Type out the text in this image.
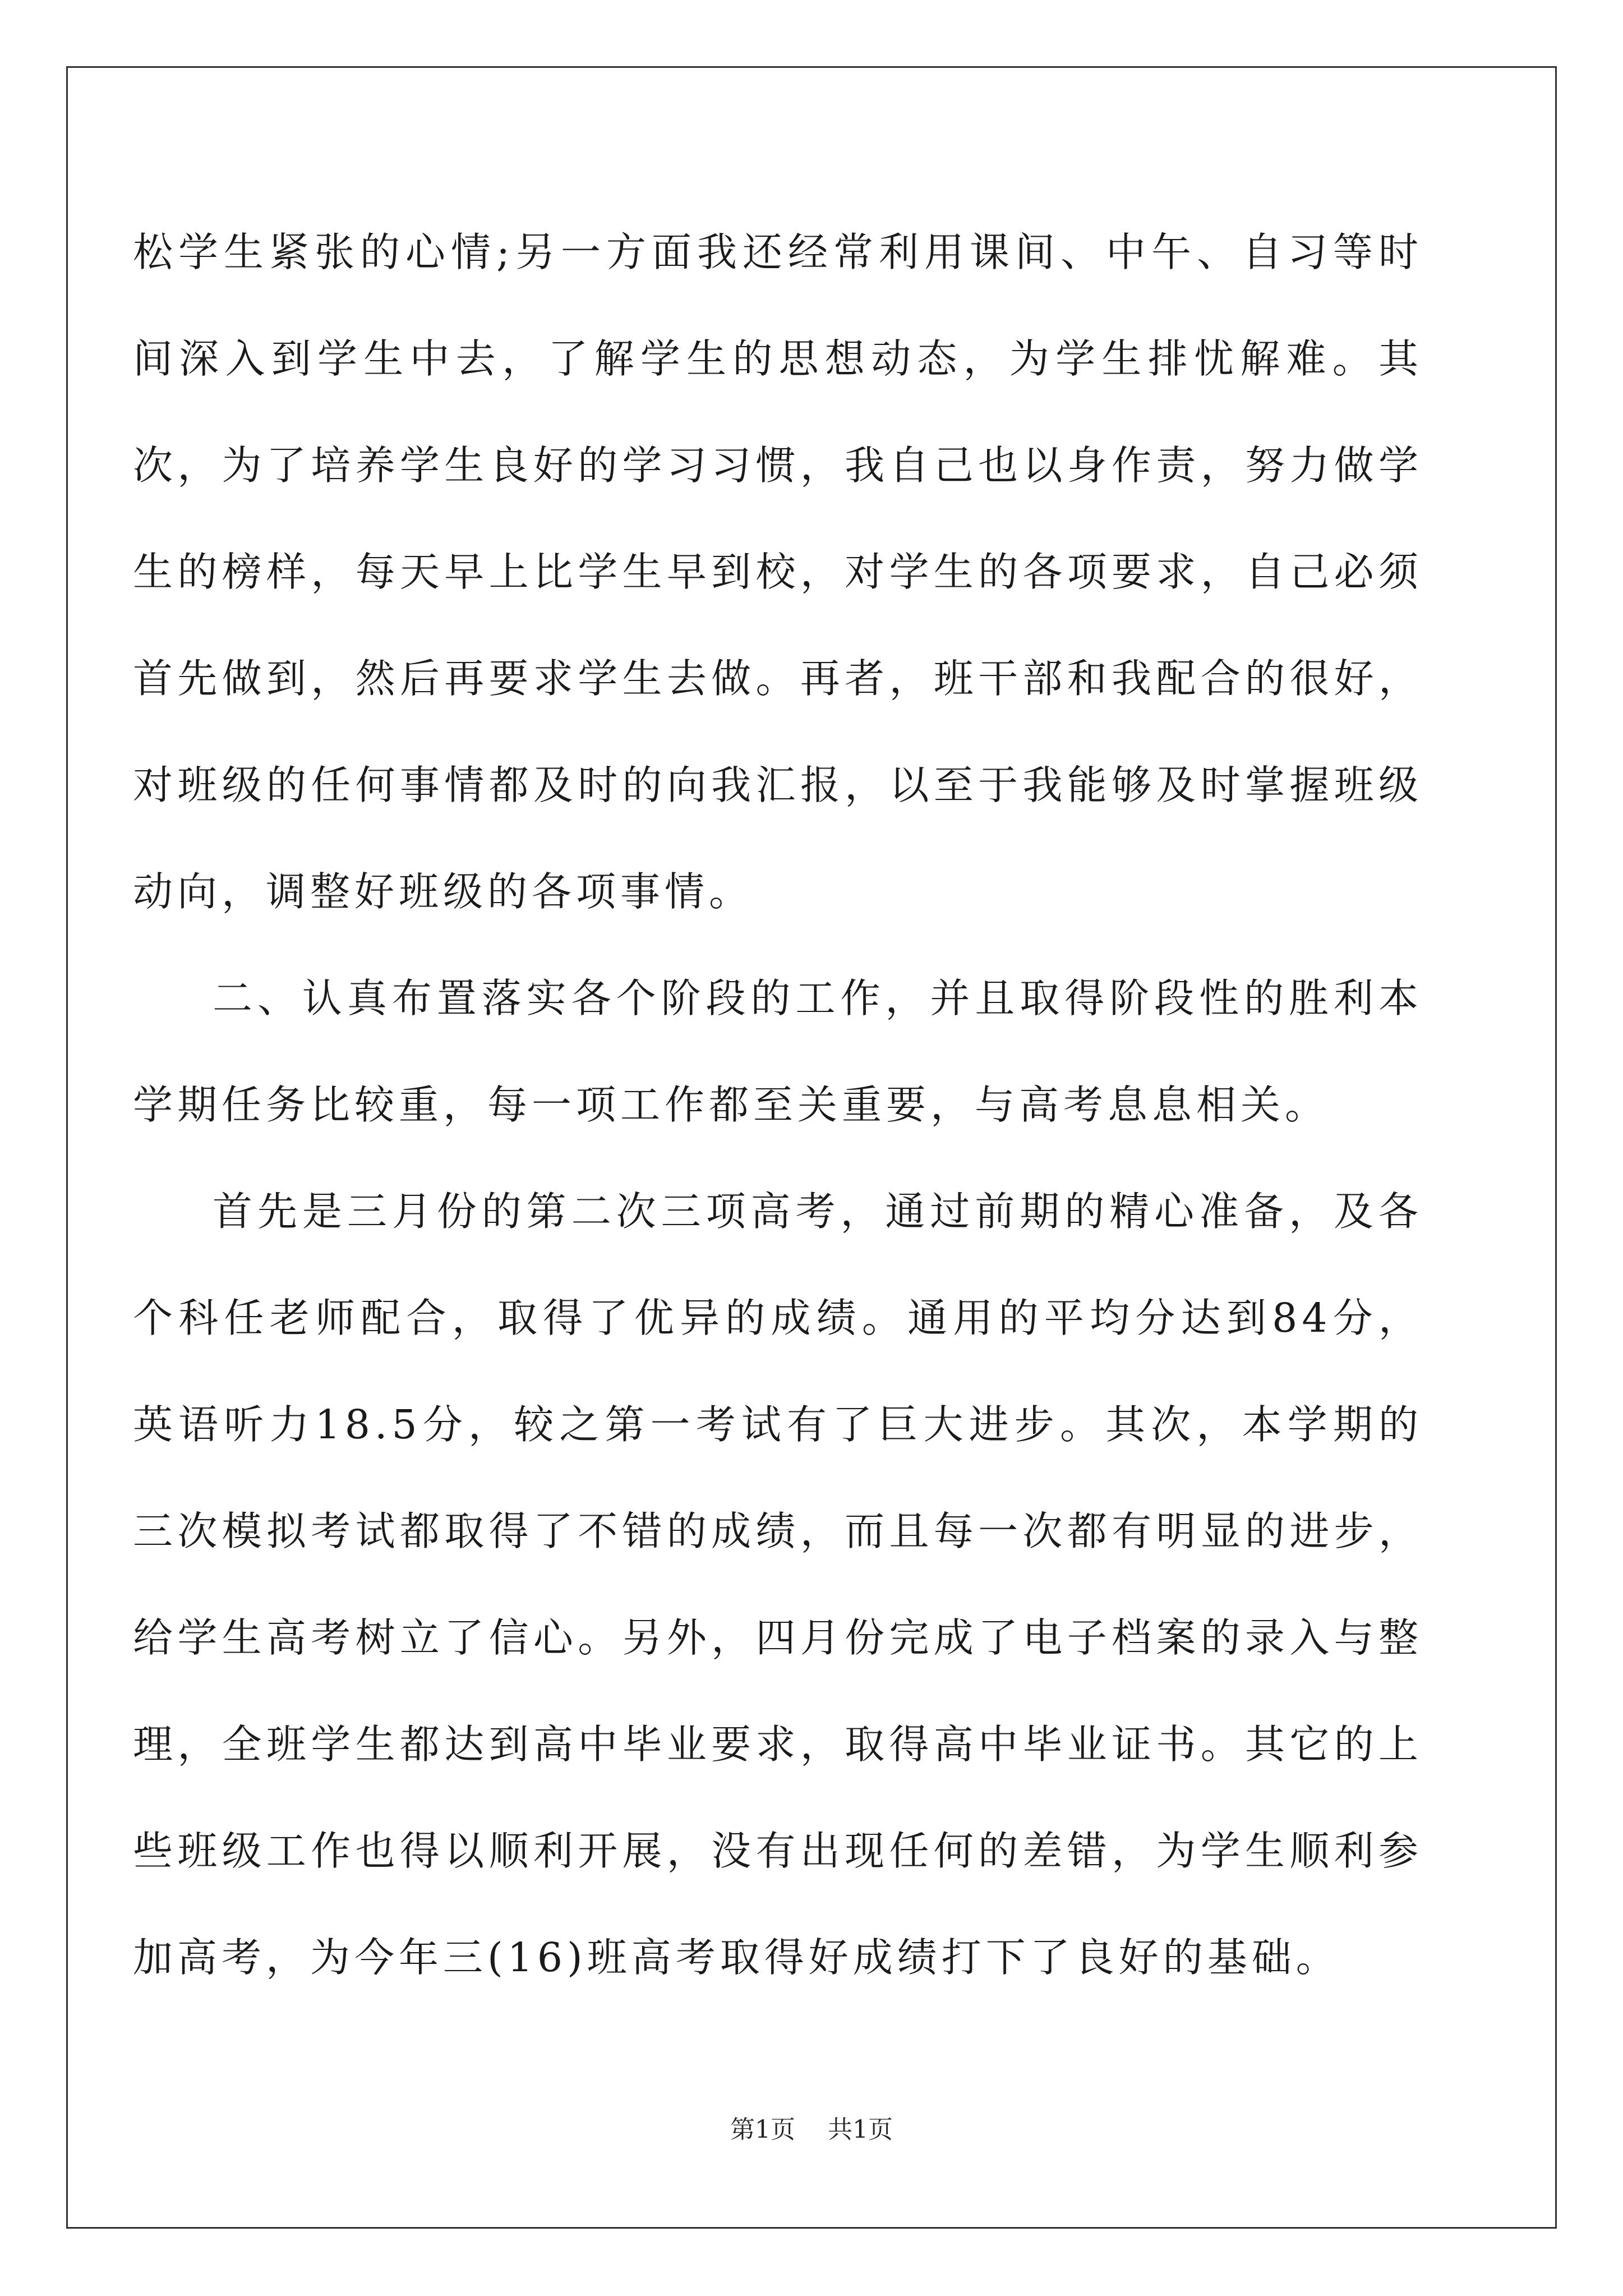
松学生紧张的心情;另一方面我还经常利用课间、中午、自习等时间深入到学生中去，了解学生的思想动态，为学生排忧解难。其次，为了培养学生良好的学习习惯，我自己也以身作责，努力做学生的榜样，每天早上比学生早到校，对学生的各项要求，自己必须首先做到，然后再要求学生去做。再者，班干部和我配合的很好，对班级的任何事情都及时的向我汇报，以至于我能够及时掌握班级动向，调整好班级的各项事情。

二、认真布置落实各个阶段的工作，并且取得阶段性的胜利本学期任务比较重，每一项工作都至关重要，与高考息息相关。

首先是三月份的第二次三项高考，通过前期的精心准备，及各个科任老师配合，取得了优异的成绩。通用的平均分达到84分，英语听力18.5分，较之第一考试有了巨大进步。其次，本学期的三次模拟考试都取得了不错的成绩，而且每一次都有明显的进步，给学生高考树立了信心。另外，四月份完成了电子档案的录入与整理，全班学生都达到高中毕业要求，取得高中毕业证书。其它的上些班级工作也得以顺利开展，没有出现任何的差错，为学生顺利参加高考，为今年三(16)班高考取得好成绩打下了良好的基础。

第1页 共1页
